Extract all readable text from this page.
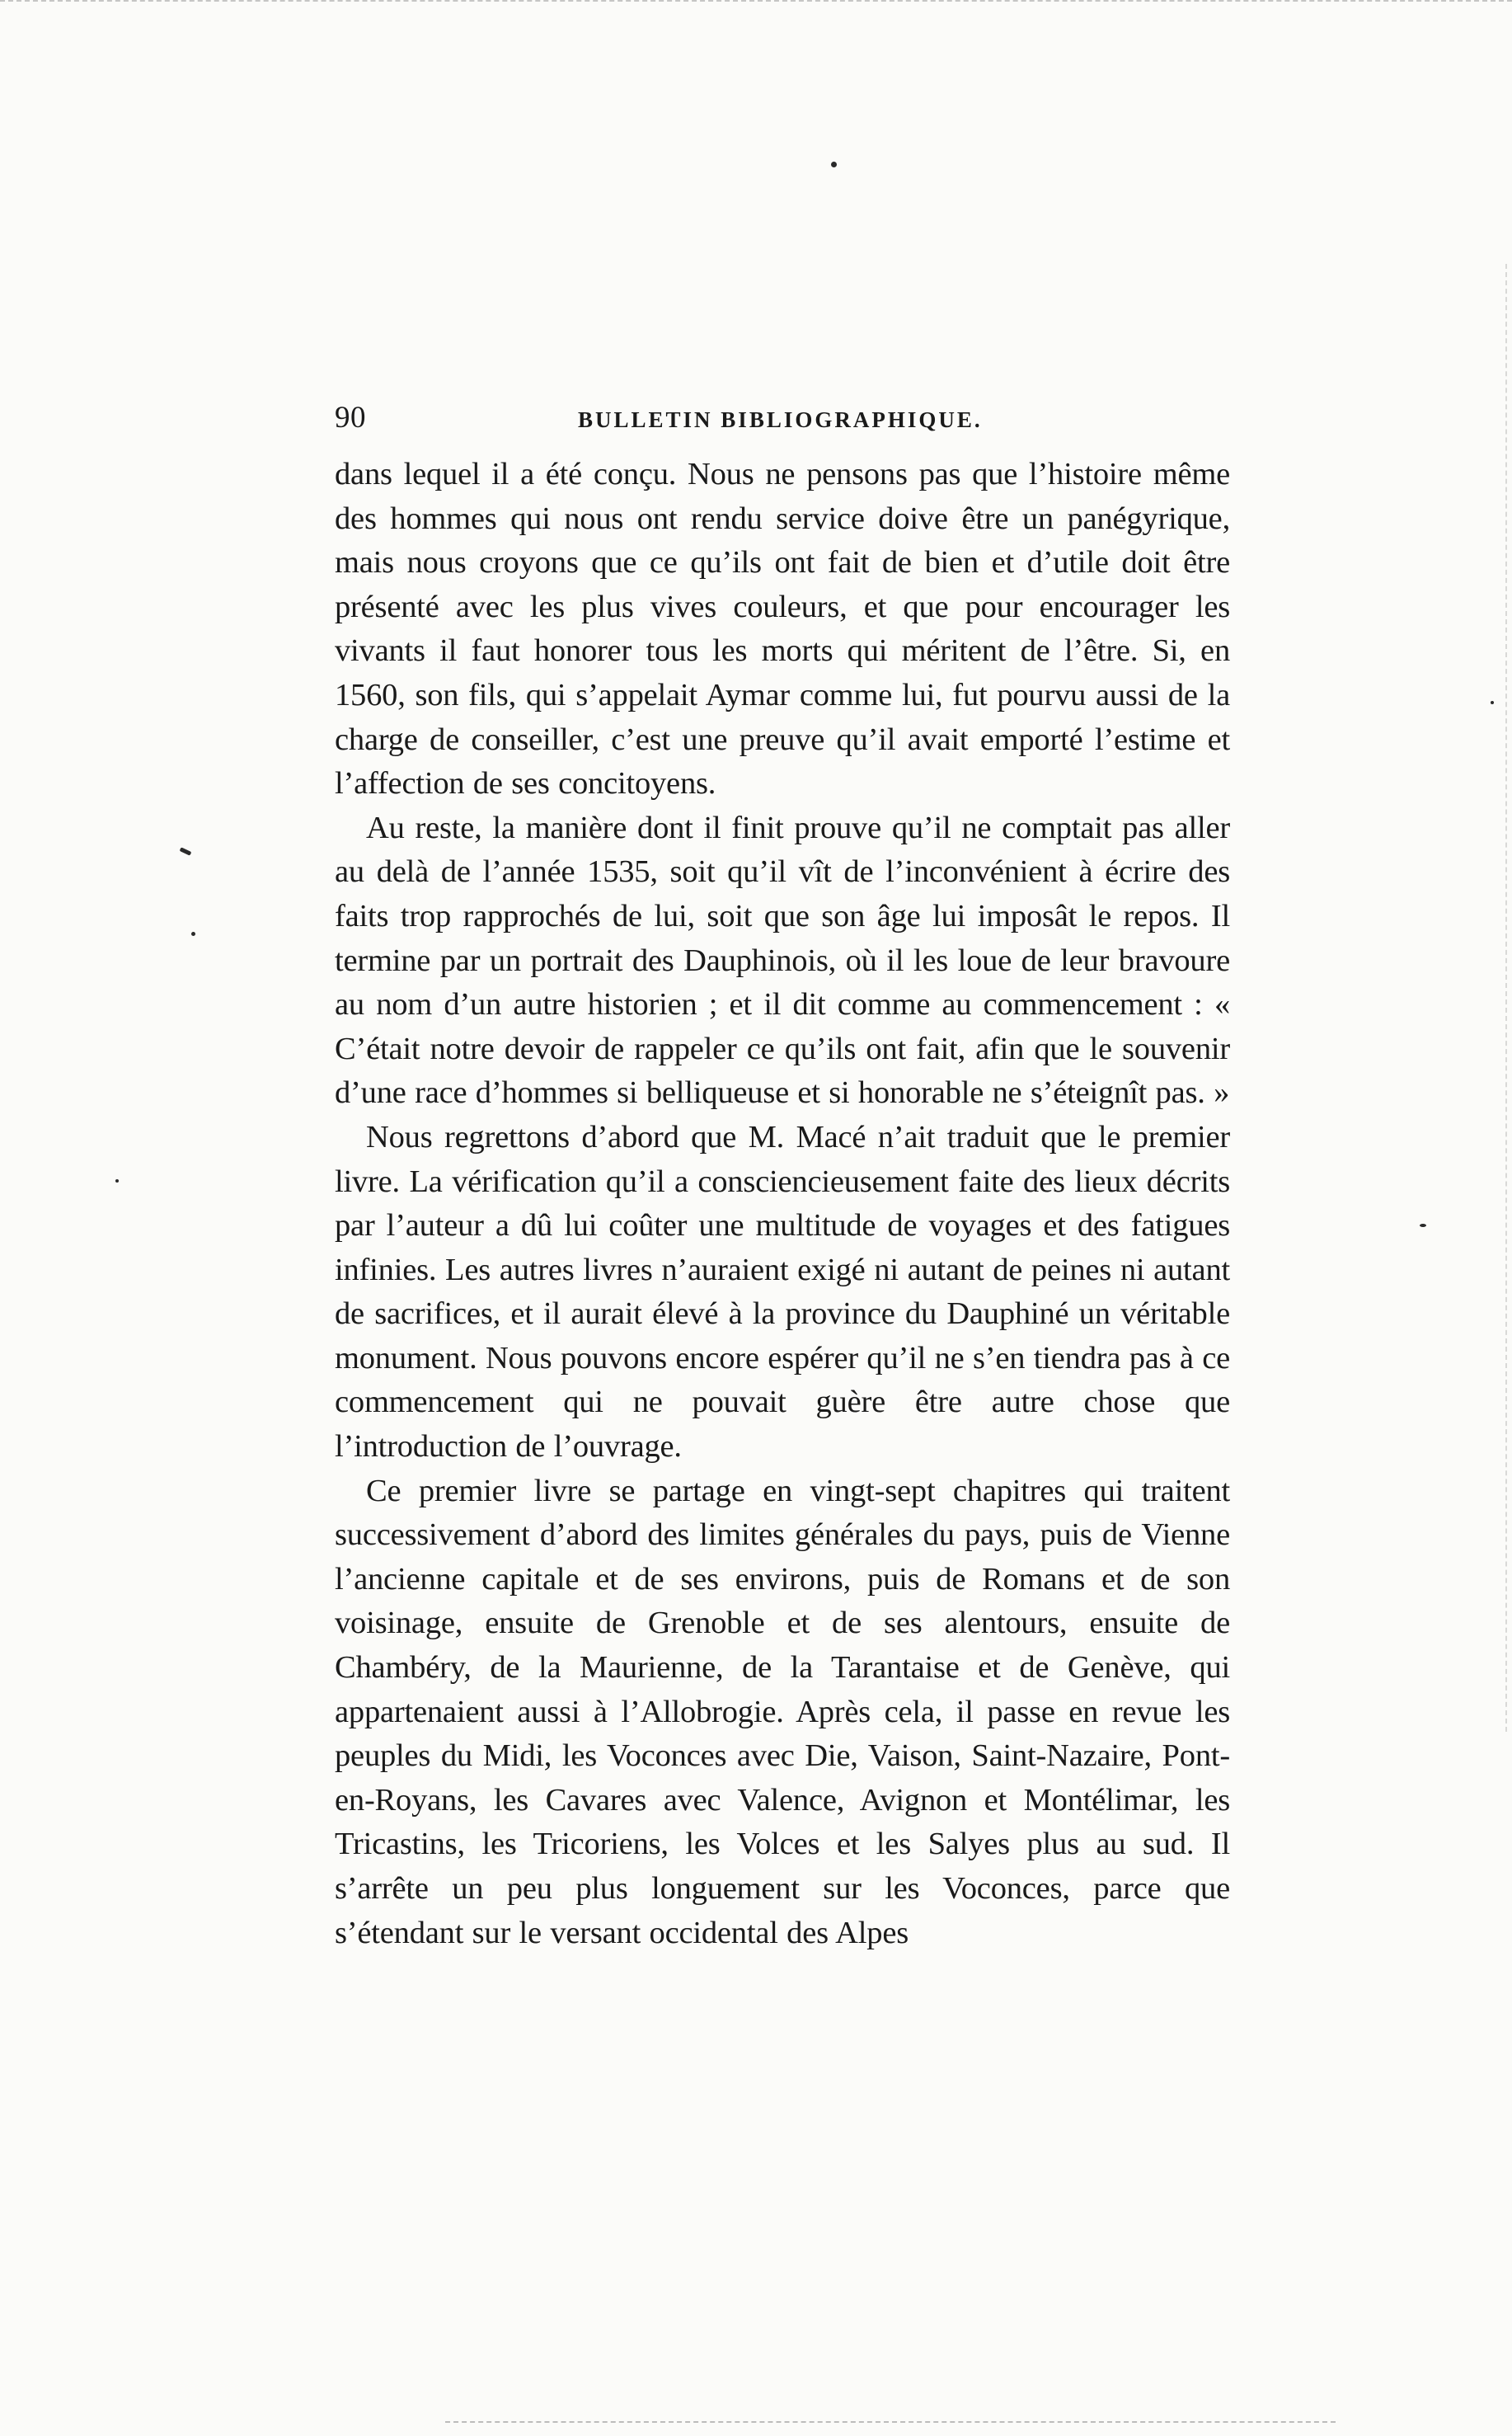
90	BULLETIN BIBLIOGRAPHIQUE.

dans lequel il a été conçu. Nous ne pensons pas que l’histoire même des hommes qui nous ont rendu service doive être un panégyrique, mais nous croyons que ce qu’ils ont fait de bien et d’utile doit être présenté avec les plus vives couleurs, et que pour encourager les vivants il faut honorer tous les morts qui méritent de l’être. Si, en 1560, son fils, qui s’appelait Aymar comme lui, fut pourvu aussi de la charge de conseiller, c’est une preuve qu’il avait emporté l’estime et l’affection de ses concitoyens.

Au reste, la manière dont il finit prouve qu’il ne comptait pas aller au delà de l’année 1535, soit qu’il vît de l’inconvénient à écrire des faits trop rapprochés de lui, soit que son âge lui imposât le repos. Il termine par un portrait des Dauphinois, où il les loue de leur bravoure au nom d’un autre historien ; et il dit comme au commencement : « C’était notre devoir de rappeler ce qu’ils ont fait, afin que le souvenir d’une race d’hommes si belliqueuse et si honorable ne s’éteignît pas. »

Nous regrettons d’abord que M. Macé n’ait traduit que le premier livre. La vérification qu’il a consciencieusement faite des lieux décrits par l’auteur a dû lui coûter une multitude de voyages et des fatigues infinies. Les autres livres n’auraient exigé ni autant de peines ni autant de sacrifices, et il aurait élevé à la province du Dauphiné un véritable monument. Nous pouvons encore espérer qu’il ne s’en tiendra pas à ce commencement qui ne pouvait guère être autre chose que l’introduction de l’ouvrage.

Ce premier livre se partage en vingt-sept chapitres qui traitent successivement d’abord des limites générales du pays, puis de Vienne l’ancienne capitale et de ses environs, puis de Romans et de son voisinage, ensuite de Grenoble et de ses alentours, ensuite de Chambéry, de la Maurienne, de la Tarantaise et de Genève, qui appartenaient aussi à l’Allobrogie. Après cela, il passe en revue les peuples du Midi, les Voconces avec Die, Vaison, Saint-Nazaire, Pont-en-Royans, les Cavares avec Valence, Avignon et Montélimar, les Tricastins, les Tricoriens, les Volces et les Salyes plus au sud. Il s’arrête un peu plus longuement sur les Voconces, parce que s’étendant sur le versant occidental des Alpes
